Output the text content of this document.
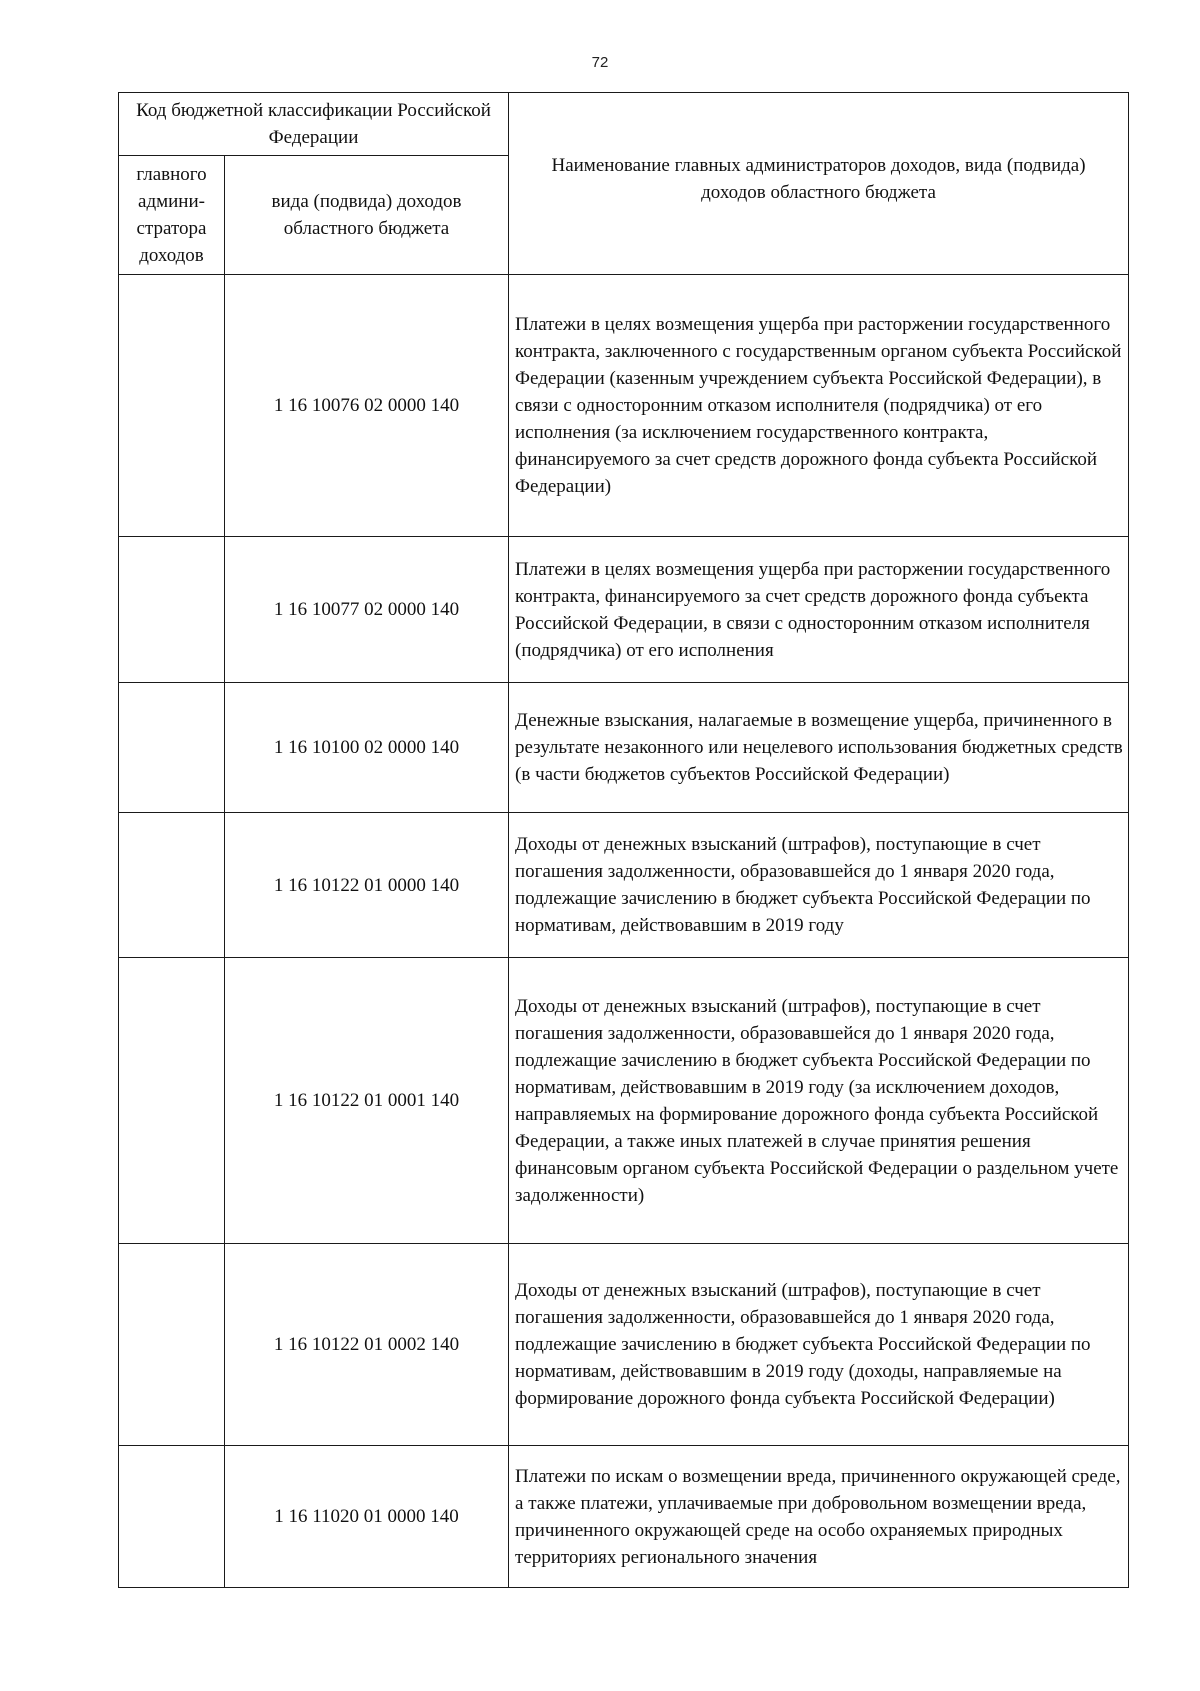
72
Код бюджетной классификации Российской Федерации		Наименование главных администраторов доходов, вида (подвида) доходов областного бюджета
главного админи-стратора доходов	вида (подвида) доходов областного бюджета	
	1 16 10076 02 0000 140	Платежи в целях возмещения ущерба при расторжении государственного контракта, заключенного с государственным органом субъекта Российской Федерации (казенным учреждением субъекта Российской Федерации), в связи с односторонним отказом исполнителя (подрядчика) от его исполнения (за исключением государственного контракта, финансируемого за счет средств дорожного фонда субъекта Российской Федерации)
	1 16 10077 02 0000 140	Платежи в целях возмещения ущерба при расторжении государственного контракта, финансируемого за счет средств дорожного фонда субъекта Российской Федерации, в связи с односторонним отказом исполнителя (подрядчика) от его исполнения
	1 16 10100 02 0000 140	Денежные взыскания, налагаемые в возмещение ущерба, причиненного в результате незаконного или нецелевого использования бюджетных средств (в части бюджетов субъектов Российской Федерации)
	1 16 10122 01 0000 140	Доходы от денежных взысканий (штрафов), поступающие в счет погашения задолженности, образовавшейся до 1 января 2020 года, подлежащие зачислению в бюджет субъекта Российской Федерации по нормативам, действовавшим в 2019 году
	1 16 10122 01 0001 140	Доходы от денежных взысканий (штрафов), поступающие в счет погашения задолженности, образовавшейся до 1 января 2020 года, подлежащие зачислению в бюджет субъекта Российской Федерации по нормативам, действовавшим в 2019 году (за исключением доходов, направляемых на формирование дорожного фонда субъекта Российской Федерации, а также иных платежей в случае принятия решения финансовым органом субъекта Российской Федерации о раздельном учете задолженности)
	1 16 10122 01 0002 140	Доходы от денежных взысканий (штрафов), поступающие в счет погашения задолженности, образовавшейся до 1 января 2020 года, подлежащие зачислению в бюджет субъекта Российской Федерации по нормативам, действовавшим в 2019 году (доходы, направляемые на формирование дорожного фонда субъекта Российской Федерации)
	1 16 11020 01 0000 140	Платежи по искам о возмещении вреда, причиненного окружающей среде, а также платежи, уплачиваемые при добровольном возмещении вреда, причиненного окружающей среде на особо охраняемых природных территориях регионального значения
